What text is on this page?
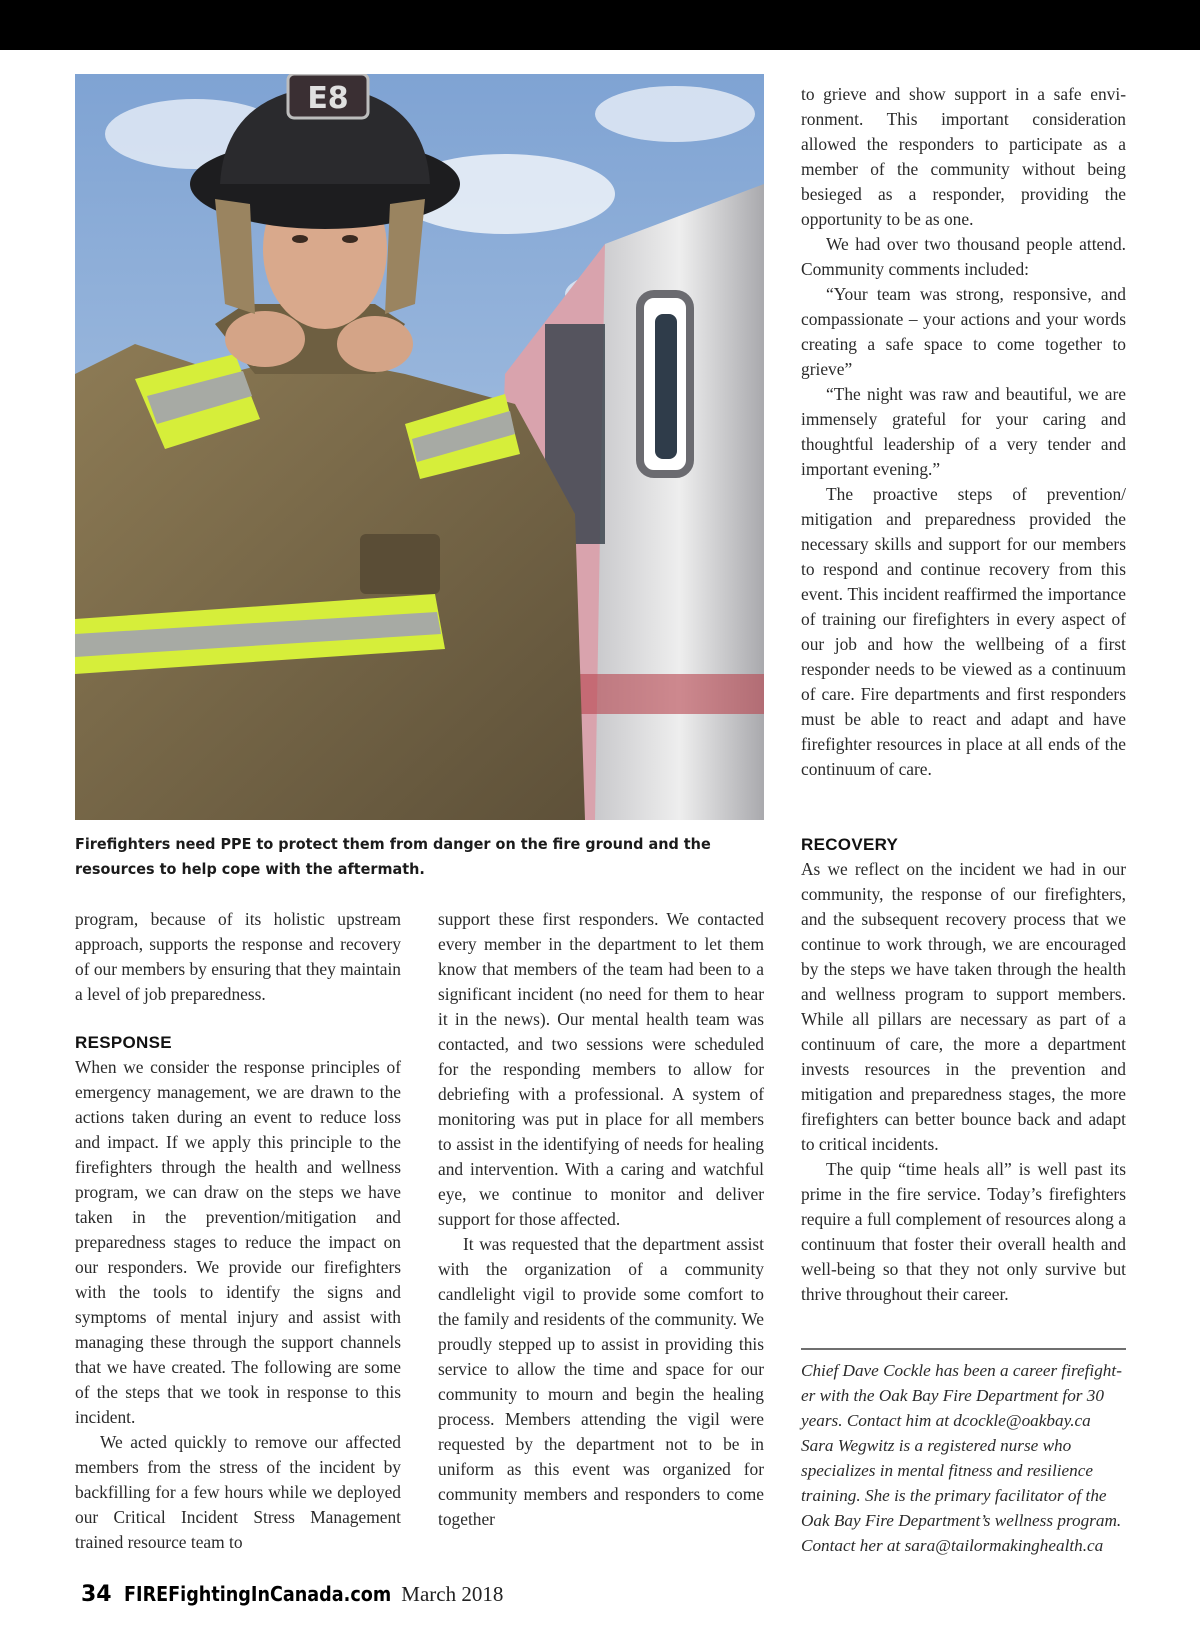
E8
Firefighters need PPE to protect them from danger on the fire ground and the resources to help cope with the aftermath.

program, because of its holistic upstream approach, supports the response and recovery of our members by ensuring that they maintain a level of job preparedness.

RESPONSE

When we consider the response principles of emergency management, we are drawn to the actions taken during an event to reduce loss and impact. If we apply this principle to the firefighters through the health and wellness program, we can draw on the steps we have taken in the prevention/mitigation and preparedness stages to reduce the impact on our responders. We provide our firefighters with the tools to identify the signs and symptoms of mental injury and assist with managing these through the support channels that we have created. The following are some of the steps that we took in response to this incident.

We acted quickly to remove our affected members from the stress of the incident by backfilling for a few hours while we deployed our Critical Incident Stress Management trained resource team to

support these first responders. We contacted every member in the department to let them know that members of the team had been to a significant incident (no need for them to hear it in the news). Our mental health team was contacted, and two sessions were scheduled for the responding members to allow for debriefing with a professional. A system of monitoring was put in place for all members to assist in the identifying of needs for healing and intervention. With a caring and watchful eye, we continue to monitor and deliver support for those affected.

It was requested that the department assist with the organization of a community candlelight vigil to provide some comfort to the family and residents of the community. We proudly stepped up to assist in providing this service to allow the time and space for our community to mourn and begin the healing process. Members attending the vigil were requested by the department not to be in uniform as this event was organized for community members and responders to come together

to grieve and show support in a safe environment. This important consideration allowed the responders to participate as a member of the community without being besieged as a responder, providing the opportunity to be as one.

We had over two thousand people attend. Community comments included:

“Your team was strong, responsive, and compassionate – your actions and your words creating a safe space to come together to grieve”

“The night was raw and beautiful, we are immensely grateful for your caring and thoughtful leadership of a very tender and important evening.”

The proactive steps of prevention/ mitigation and preparedness provided the necessary skills and support for our members to respond and continue recovery from this event. This incident reaffirmed the importance of training our firefighters in every aspect of our job and how the wellbeing of a first responder needs to be viewed as a continuum of care. Fire departments and first responders must be able to react and adapt and have firefighter resources in place at all ends of the continuum of care.

RECOVERY

As we reflect on the incident we had in our community, the response of our firefighters, and the subsequent recovery process that we continue to work through, we are encouraged by the steps we have taken through the health and wellness program to support members. While all pillars are necessary as part of a continuum of care, the more a department invests resources in the prevention and mitigation and preparedness stages, the more firefighters can better bounce back and adapt to critical incidents.

The quip “time heals all” is well past its prime in the fire service. Today’s firefighters require a full complement of resources along a continuum that foster their overall health and well-being so that they not only survive but thrive throughout their career.

Chief Dave Cockle has been a career firefighter with the Oak Bay Fire Department for 30 years. Contact him at dcockle@oakbay.ca

Sara Wegwitz is a registered nurse who specializes in mental fitness and resilience training. She is the primary facilitator of the Oak Bay Fire Department’s wellness program. Contact her at sara@tailormakinghealth.ca

34 FIREFightingInCanada.com March 2018
